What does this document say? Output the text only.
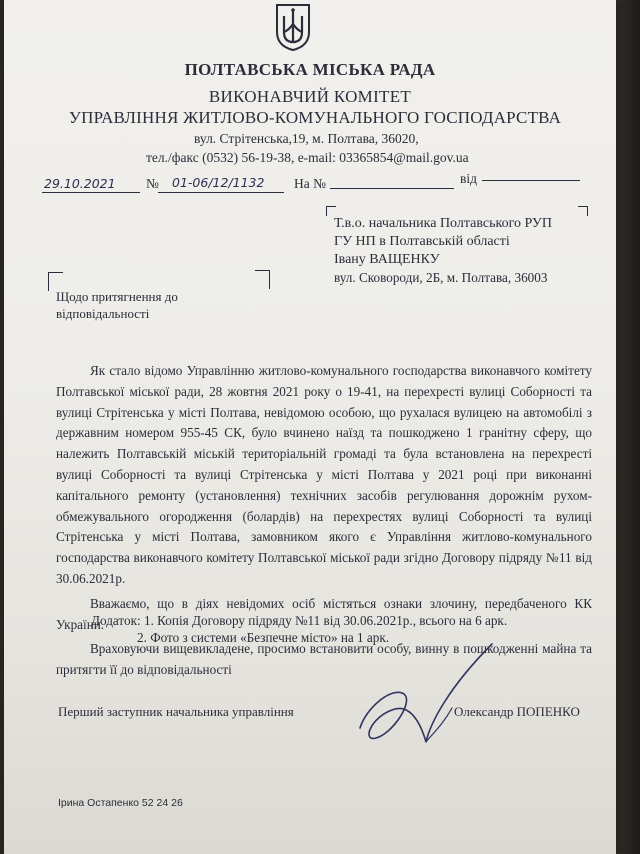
ПОЛТАВСЬКА МІСЬКА РАДА
ВИКОНАВЧИЙ КОМІТЕТ
УПРАВЛІННЯ ЖИТЛОВО-КОМУНАЛЬНОГО ГОСПОДАРСТВА
вул. Стрітенська,19, м. Полтава, 36020,
тел./факс (0532) 56-19-38, e-mail: 03365854@mail.gov.ua
29.10.2021 № 01-06/12/1132 На №	від
Т.в.о. начальника Полтавського РУП
ГУ НП в Полтавській області
Івану ВАЩЕНКУ
вул. Сковороди, 2Б, м. Полтава, 36003
Щодо притягнення до
відповідальності

Як стало відомо Управлінню житлово-комунального господарства виконавчого комітету Полтавської міської ради, 28 жовтня 2021 року о 19-41, на перехресті вулиці Соборності та вулиці Стрітенська у місті Полтава, невідомою особою, що рухалася вулицею на автомобілі з державним номером 955-45 СК, було вчинено наїзд та пошкоджено 1 гранітну сферу, що належить Полтавській міській територіальній громаді та була встановлена на перехресті вулиці Соборності та вулиці Стрітенська у місті Полтава у 2021 році при виконанні капітального ремонту (установлення) технічних засобів регулювання дорожнім рухом- обмежувального огородження (болардів) на перехрестях вулиці Соборності та вулиці Стрітенська у місті Полтава, замовником якого є Управління житлово-комунального господарства виконавчого комітету Полтавської міської ради згідно Договору підряду №11 від 30.06.2021р.

Вважаємо, що в діях невідомих осіб містяться ознаки злочину, передбаченого КК України.

Враховуючи вищевикладене, просимо встановити особу, винну в пошкодженні майна та притягти її до відповідальності

Додаток: 1. Копія Договору підряду №11 від 30.06.2021р., всього на 6 арк.
2. Фото з системи «Безпечне місто» на 1 арк.
Перший заступник начальника управління	Олександр ПОПЕНКО
Ірина Остапенко 52 24 26
